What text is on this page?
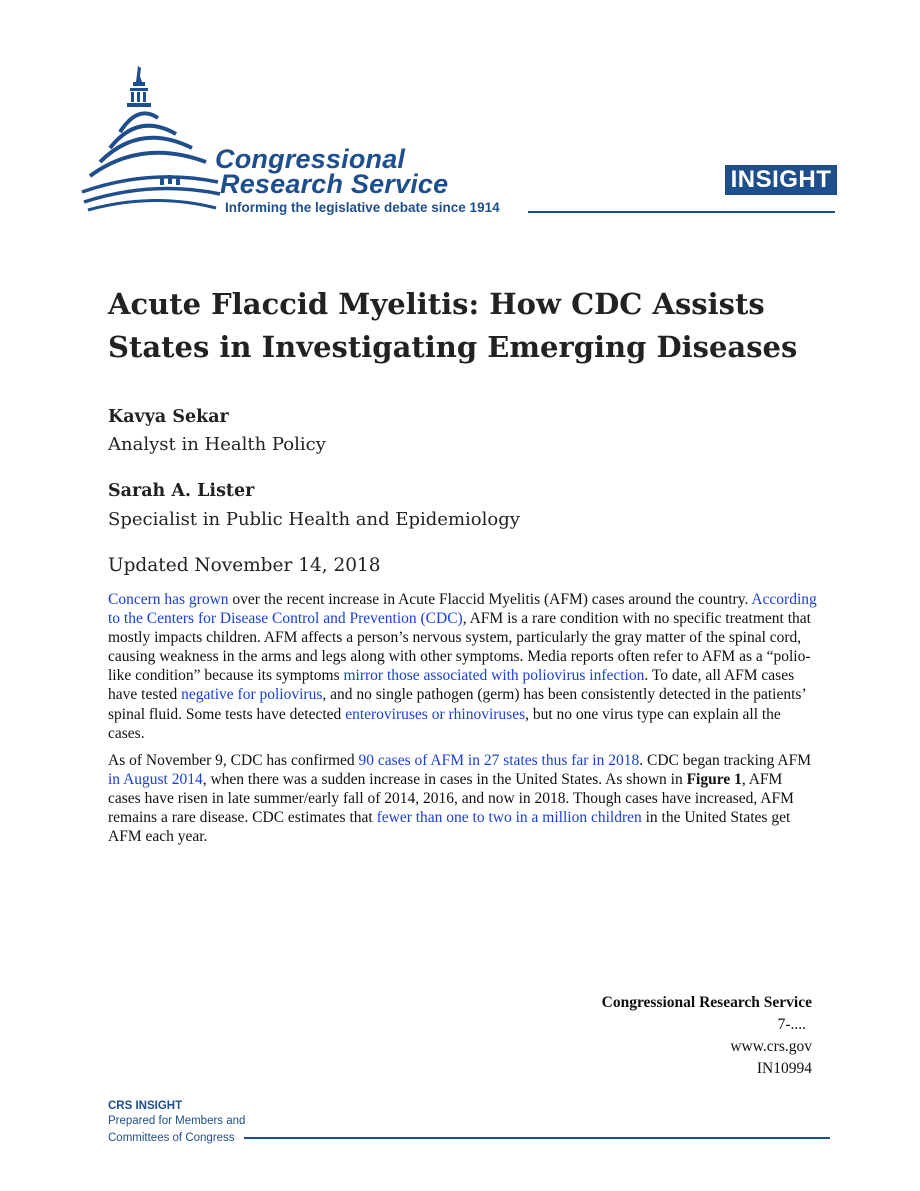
Congressional
Research Service
Informing the legislative debate since 1914
INSIGHT
Acute Flaccid Myelitis: How CDC Assists States in Investigating Emerging Diseases
Kavya Sekar
Analyst in Health Policy
Sarah A. Lister
Specialist in Public Health and Epidemiology
Updated November 14, 2018

Concern has grown over the recent increase in Acute Flaccid Myelitis (AFM) cases around the country. According to the Centers for Disease Control and Prevention (CDC), AFM is a rare condition with no specific treatment that mostly impacts children. AFM affects a person’s nervous system, particularly the gray matter of the spinal cord, causing weakness in the arms and legs along with other symptoms. Media reports often refer to AFM as a “polio-like condition” because its symptoms mirror those associated with poliovirus infection. To date, all AFM cases have tested negative for poliovirus, and no single pathogen (germ) has been consistently detected in the patients’ spinal fluid. Some tests have detected enteroviruses or rhinoviruses, but no one virus type can explain all the cases.

As of November 9, CDC has confirmed 90 cases of AFM in 27 states thus far in 2018. CDC began tracking AFM in August 2014, when there was a sudden increase in cases in the United States. As shown in Figure 1, AFM cases have risen in late summer/early fall of 2014, 2016, and now in 2018. Though cases have increased, AFM remains a rare disease. CDC estimates that fewer than one to two in a million children in the United States get AFM each year.

Congressional Research Service
7-....
www.crs.gov
IN10994
CRS INSIGHT
Prepared for Members and
Committees of Congress
